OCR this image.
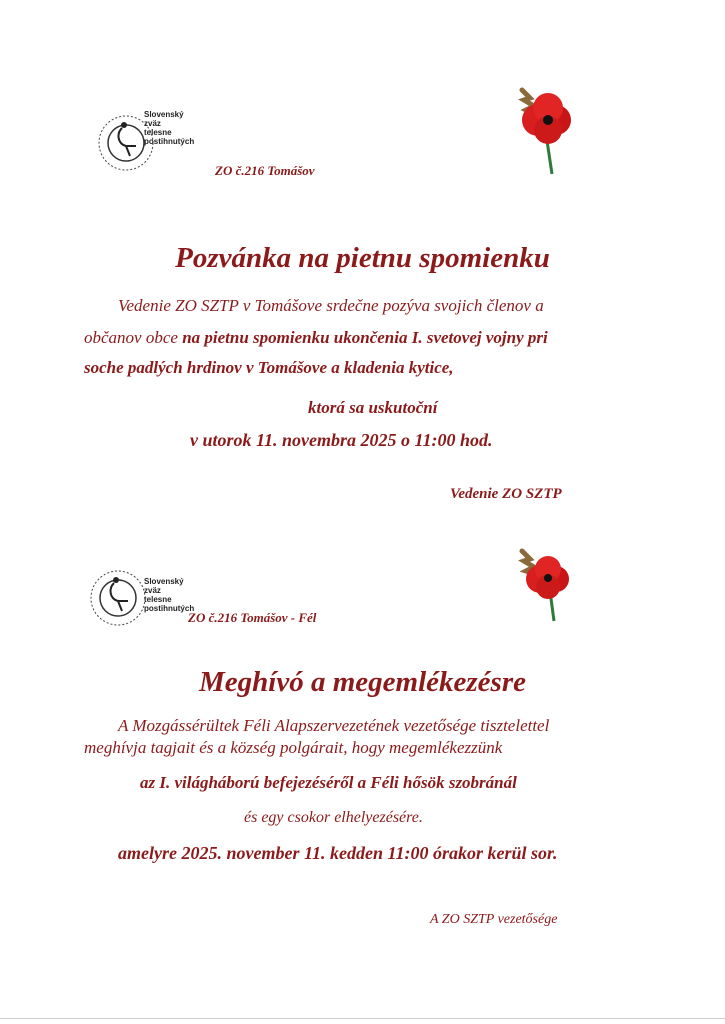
Slovenský
zväz
telesne
postihnutých
ZO č.216 Tomášov
Pozvánka na pietnu spomienku
Vedenie ZO SZTP v Tomášove srdečne pozýva svojich členov a
občanov obce na pietnu spomienku ukončenia I. svetovej vojny pri
soche padlých hrdinov v Tomášove a kladenia kytice,
ktorá sa uskutoční
v utorok 11. novembra 2025 o 11:00 hod.
Vedenie ZO SZTP
Slovenský
zväz
telesne
postihnutých
ZO č.216 Tomášov - Fél
Meghívó a megemlékezésre
A Mozgássérültek Féli Alapszervezetének vezetősége tisztelettel
meghívja tagjait és a község polgárait, hogy megemlékezzünk
az I. világháború befejezéséről a Féli hősök szobránál
és egy csokor elhelyezésére.
amelyre 2025. november 11. kedden 11:00 órakor kerül sor.
A ZO SZTP vezetősége
